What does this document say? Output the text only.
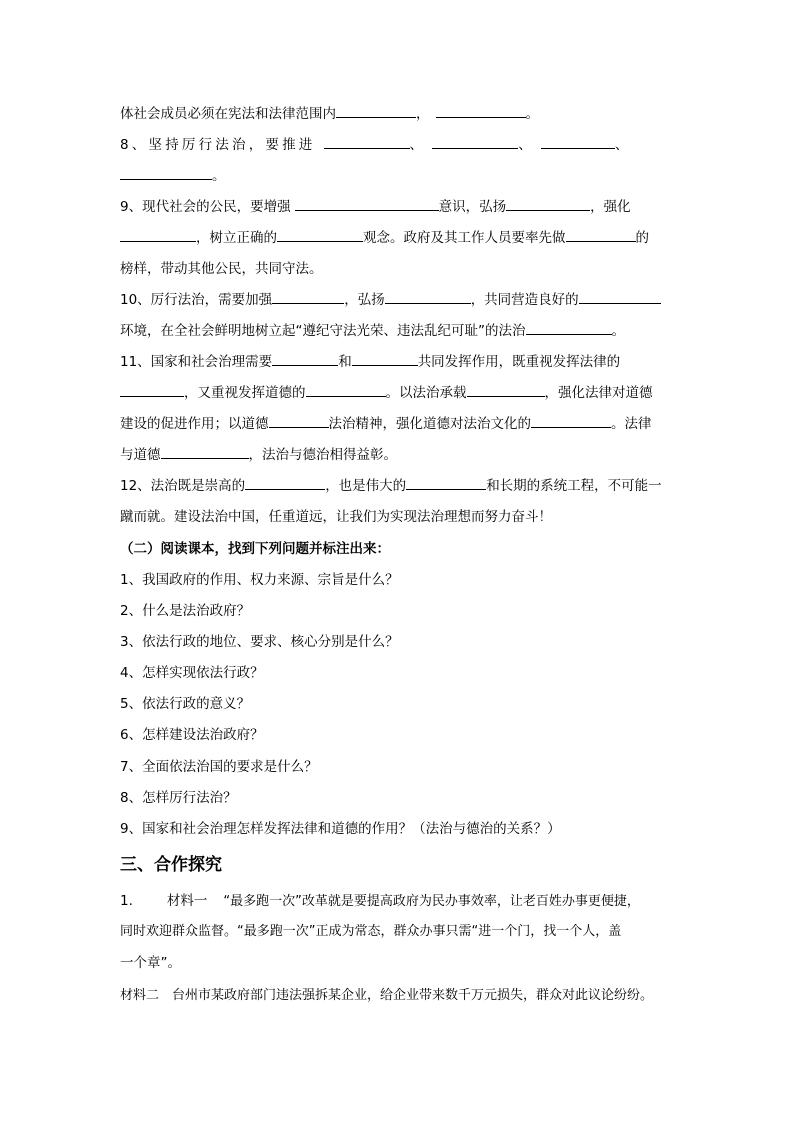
体社会成员必须在宪法和法律范围内	，	。
8、坚持厉行法治，要推进	、	、	、
。
9、现代社会的公民，要增强	意识，弘扬	，强化
，树立正确的	观念。政府及其工作人员要率先做	的
榜样，带动其他公民，共同守法。
10、厉行法治，需要加强	，弘扬	，共同营造良好的
环境，在全社会鲜明地树立起“遵纪守法光荣、违法乱纪可耻”的法治	。
11、国家和社会治理需要	和	共同发挥作用，既重视发挥法律的
，又重视发挥道德的	。以法治承载	，强化法律对道德
建设的促进作用；以道德	法治精神，强化道德对法治文化的	。法律
与道德	，法治与德治相得益彰。
12、法治既是崇高的	，也是伟大的	和长期的系统工程，不可能一
蹴而就。建设法治中国，任重道远，让我们为实现法治理想而努力奋斗！
（二）阅读课本，找到下列问题并标注出来：
1、我国政府的作用、权力来源、宗旨是什么？
2、什么是法治政府？
3、依法行政的地位、要求、核心分别是什么？
4、怎样实现依法行政？
5、依法行政的意义？
6、怎样建设法治政府？
7、全面依法治国的要求是什么？
8、怎样厉行法治？
9、国家和社会治理怎样发挥法律和道德的作用？（法治与德治的关系？）
三、合作探究
1.	材料一 “最多跑一次”改革就是要提高政府为民办事效率，让老百姓办事更便捷，
同时欢迎群众监督。“最多跑一次”正成为常态，群众办事只需“进一个门，找一个人，盖
一个章”。
材料二　台州市某政府部门违法强拆某企业，给企业带来数千万元损失，群众对此议论纷纷。
